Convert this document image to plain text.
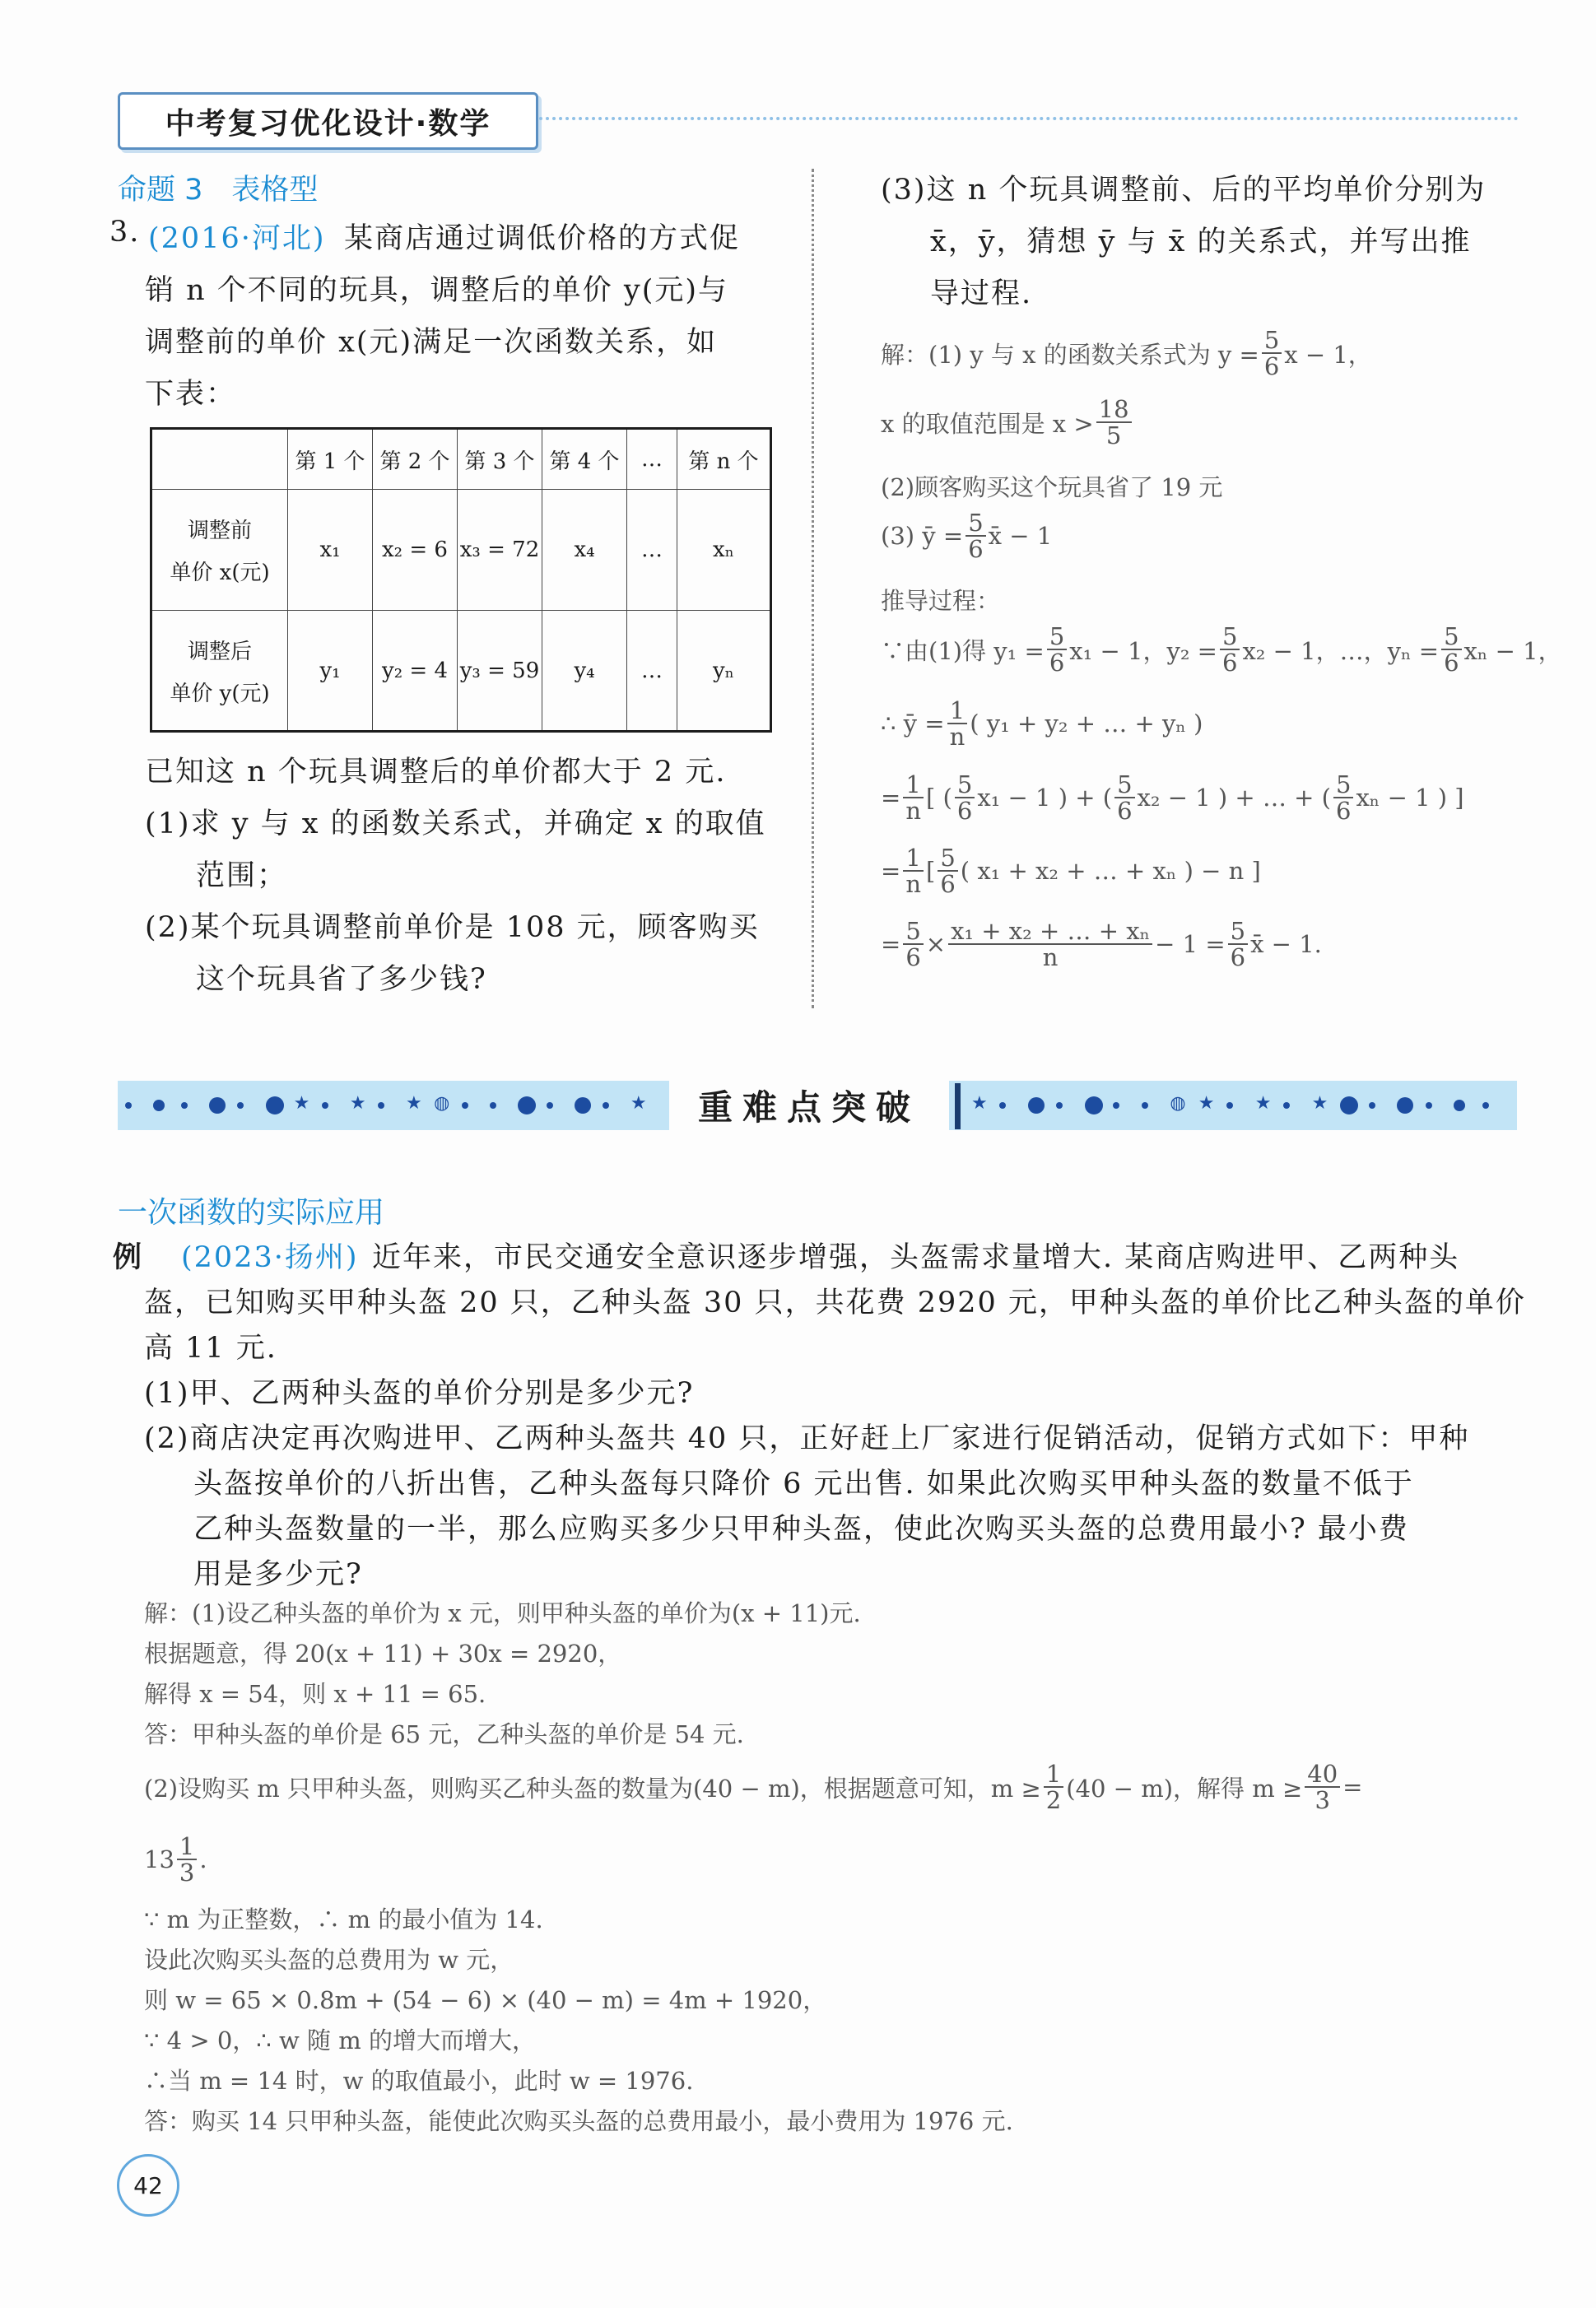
中考复习优化设计·数学
命题 3　表格型
3. (2016·河北) 某商店通过调低价格的方式促
销 n 个不同的玩具，调整后的单价 y(元)与
调整前的单价 x(元)满足一次函数关系，如
下表：
	第 1 个	第 2 个	第 3 个	第 4 个	…	第 n 个

调整前
单价 x(元)	x₁	x₂ = 6	x₃ = 72	x₄	…	xₙ

调整后
单价 y(元)	y₁	y₂ = 4	y₃ = 59	y₄	…	yₙ
已知这 n 个玩具调整后的单价都大于 2 元.
(1)求 y 与 x 的函数关系式，并确定 x 的取值
范围；
(2)某个玩具调整前单价是 108 元，顾客购买
这个玩具省了多少钱?
(3)这 n 个玩具调整前、后的平均单价分别为
x̄，ȳ，猜想 ȳ 与 x̄ 的关系式，并写出推
导过程.
解：(1) y 与 x 的函数关系式为 $y = \frac{5}{6}$ x − 1，
x 的取值范围是 $x > \frac{18}{5}$
(2)顾客购买这个玩具省了 19 元
(3) ȳ = $\frac{5}{6}$ x̄ − 1
推导过程：
∵由(1)得 $y_1 = \frac{5}{6} x_1 - 1$，$y_2 = \frac{5}{6} x_2 - 1$，…，$y_n = \frac{5}{6}$ xₙ − 1，
∴ ȳ = $\frac{1}{n}$ ( y₁ + y₂ + … + yₙ )
= $\frac{1}{n}$ [ ( $\frac{5}{6} x_1 - 1$ ) + ( $\frac{5}{6} x_2 - 1$ ) + … + ( $\frac{5}{6}$ xₙ − 1 ) ]
= $\frac{1}{n}$ [ $\frac{5}{6}$ ( x₁ + x₂ + … + xₙ ) − n ]
= $\frac{5}{6} \times \frac{\text{x₁ + x₂ + … + xₙ}}{n} - 1 = \frac{5}{6}$ x̄ − 1.
★ ★ ★ ◍	★	★	◍ ★ ★ ★
重难点突破
一次函数的实际应用
例 (2023·扬州) 近年来，市民交通安全意识逐步增强，头盔需求量增大. 某商店购进甲、乙两种头
盔，已知购买甲种头盔 20 只，乙种头盔 30 只，共花费 2920 元，甲种头盔的单价比乙种头盔的单价
高 11 元.
(1)甲、乙两种头盔的单价分别是多少元?
(2)商店决定再次购进甲、乙两种头盔共 40 只，正好赶上厂家进行促销活动，促销方式如下：甲种
头盔按单价的八折出售，乙种头盔每只降价 6 元出售. 如果此次购买甲种头盔的数量不低于
乙种头盔数量的一半，那么应购买多少只甲种头盔，使此次购买头盔的总费用最小? 最小费
用是多少元?
解：(1)设乙种头盔的单价为 x 元，则甲种头盔的单价为(x + 11)元.
根据题意，得 20(x + 11) + 30x = 2920，
解得 x = 54，则 x + 11 = 65.
答：甲种头盔的单价是 65 元，乙种头盔的单价是 54 元.
(2)设购买 m 只甲种头盔，则购买乙种头盔的数量为(40 − m)，根据题意可知，$m \ge \frac{1}{2} (40 - m)$，解得 $m \ge \frac{40}{3}$ =
$13 \frac{1}{3}$ .
∵ m 为正整数，∴ m 的最小值为 14.
设此次购买头盔的总费用为 w 元，
则 w = 65 × 0.8m + (54 − 6) × (40 − m) = 4m + 1920，
∵ 4 > 0，∴ w 随 m 的增大而增大，
∴当 m = 14 时，w 的取值最小，此时 w = 1976.
答：购买 14 只甲种头盔，能使此次购买头盔的总费用最小，最小费用为 1976 元.
42
